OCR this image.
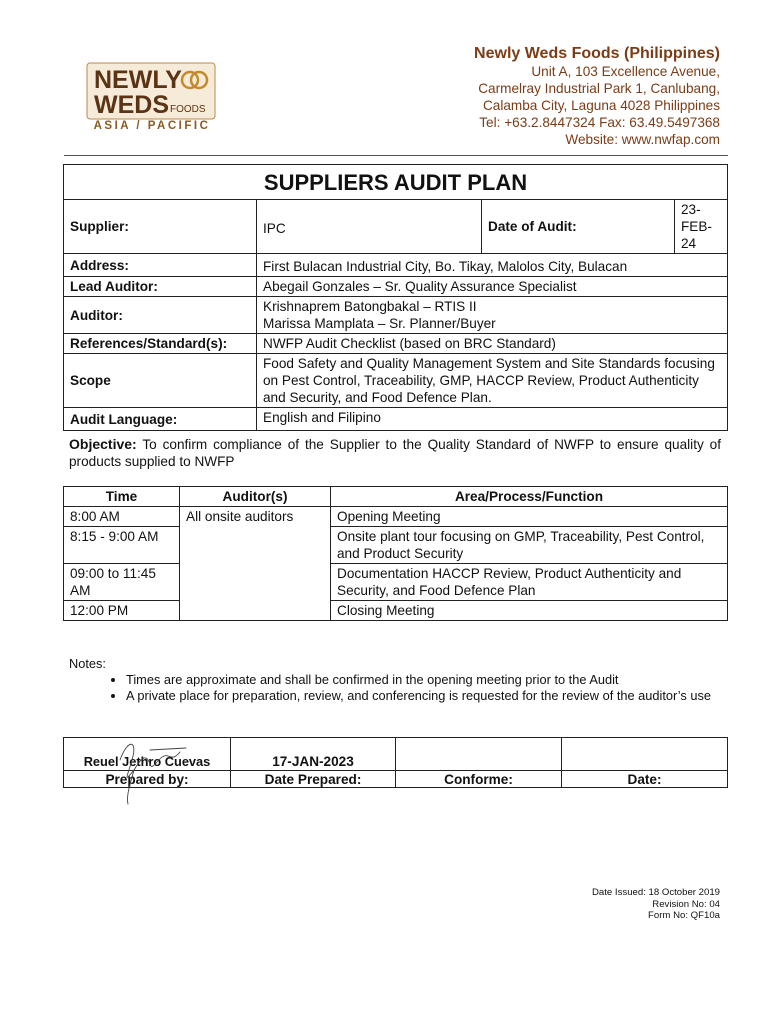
NEWLY
WEDS FOODS
ASIA / PACIFIC
Newly Weds Foods (Philippines)
Unit A, 103 Excellence Avenue,
Carmelray Industrial Park 1, Canlubang,
Calamba City, Laguna 4028 Philippines
Tel: +63.2.8447324 Fax: 63.49.5497368
Website: www.nwfap.com
SUPPLIERS AUDIT PLAN			
Supplier:	IPC	Date of Audit:	23-FEB-24
Address:	First Bulacan Industrial City, Bo. Tikay, Malolos City, Bulacan		
Lead Auditor:	Abegail Gonzales – Sr. Quality Assurance Specialist		
Auditor:	Krishnaprem Batongbakal – RTIS II
Marissa Mamplata – Sr. Planner/Buyer		

References/Standard(s):	NWFP Audit Checklist (based on BRC Standard)		
Scope	Food Safety and Quality Management System and Site Standards focusing on Pest Control, Traceability, GMP, HACCP Review, Product Authenticity and Security, and Food Defence Plan.		
Audit Language:	English and Filipino		
Objective: To confirm compliance of the Supplier to the Quality Standard of NWFP to ensure quality of products supplied to NWFP
Time	Auditor(s)	Area/Process/Function
8:00 AM	All onsite auditors	Opening Meeting
8:15 - 9:00 AM		Onsite plant tour focusing on GMP, Traceability, Pest Control, and Product Security
09:00 to 11:45 AM		Documentation HACCP Review, Product Authenticity and Security, and Food Defence Plan
12:00 PM		Closing Meeting
Notes:
• Times are approximate and shall be confirmed in the opening meeting prior to the Audit
• A private place for preparation, review, and conferencing is requested for the review of the auditor’s use
Reuel Jethro Cuevas	17-JAN-2023		
Prepared by:	Date Prepared:	Conforme:	Date:
Date Issued: 18 October 2019
Revision No: 04
Form No: QF10a
